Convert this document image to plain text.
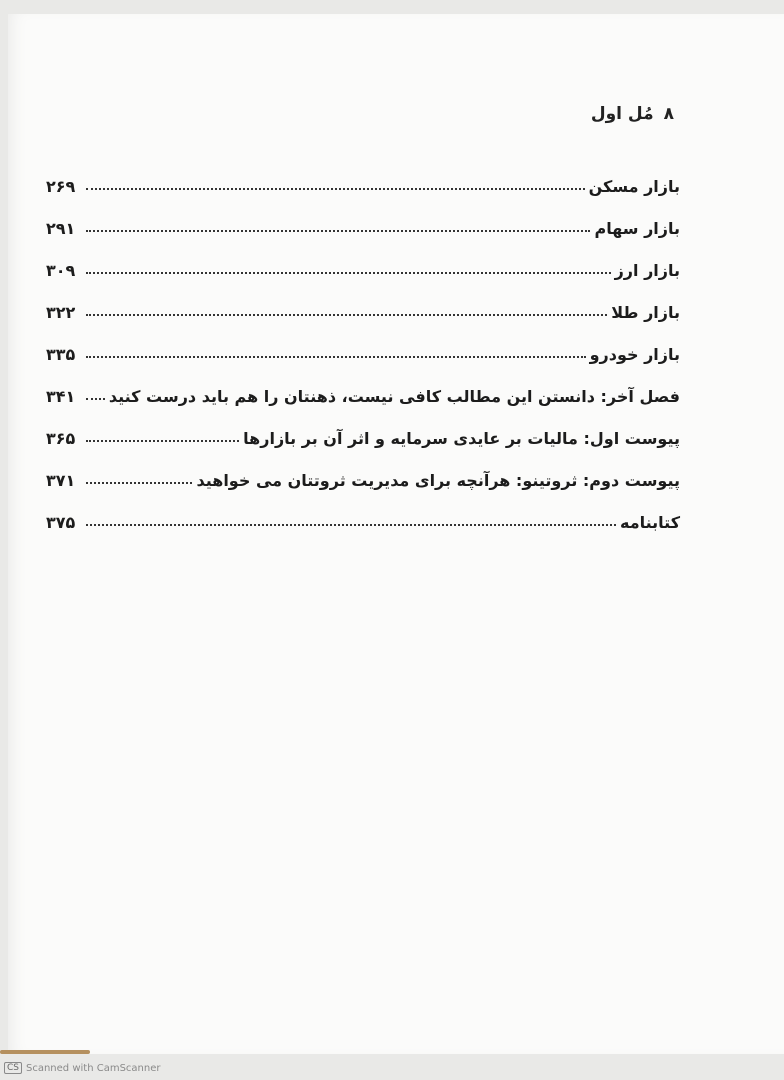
۸
مُل اول
بازار مسکن
۲۶۹
بازار سهام
۲۹۱
بازار ارز
۳۰۹
بازار طلا
۳۲۲
بازار خودرو
۳۳۵
فصل آخر: دانستن این مطالب کافی نیست، ذهنتان را هم باید درست کنید
۳۴۱
پیوست اول: مالیات بر عایدی سرمایه و اثر آن بر بازارها
۳۶۵
پیوست دوم: ثروتینو: هرآنچه برای مدیریت ثروتتان می خواهید
۳۷۱
کتابنامه
۳۷۵
CS Scanned with CamScanner
